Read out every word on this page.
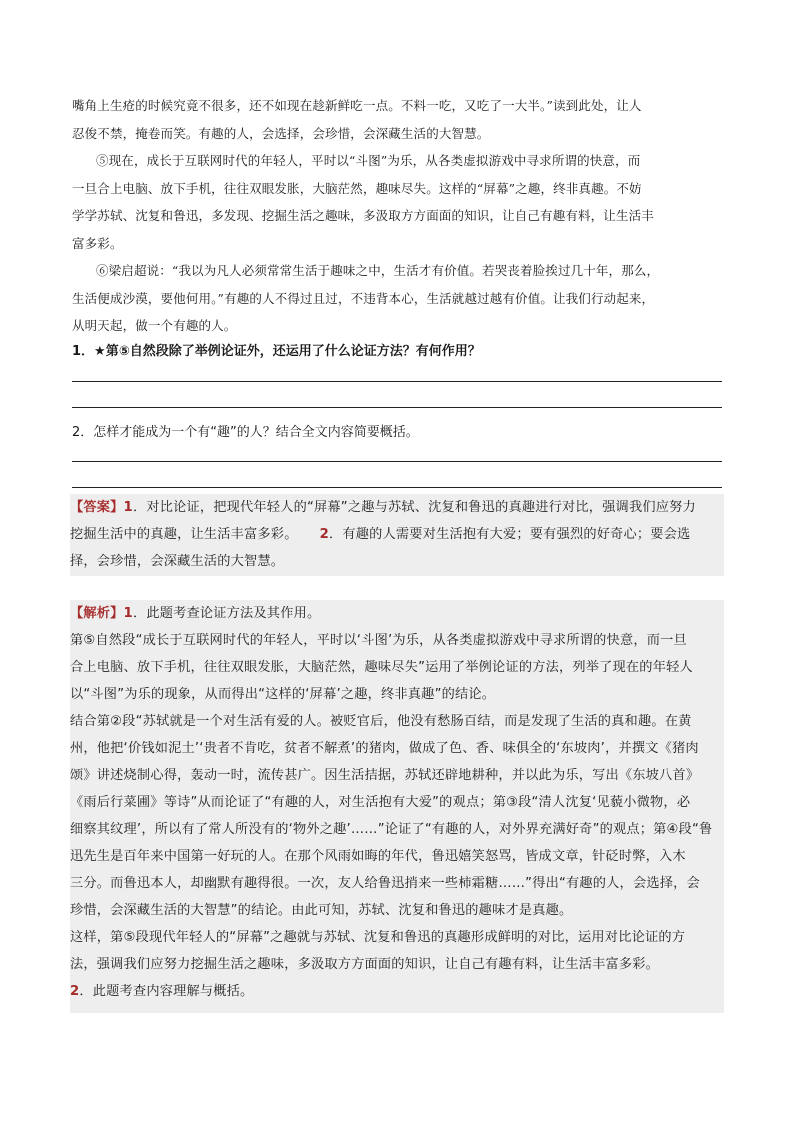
嘴角上生疮的时候究竟不很多，还不如现在趁新鲜吃一点。不料一吃，又吃了一大半。”读到此处，让人
忍俊不禁，掩卷而笑。有趣的人，会选择，会珍惜，会深藏生活的大智慧。
⑤现在，成长于互联网时代的年轻人，平时以“斗图”为乐，从各类虚拟游戏中寻求所谓的快意，而
一旦合上电脑、放下手机，往往双眼发胀，大脑茫然，趣味尽失。这样的“屏幕”之趣，终非真趣。不妨
学学苏轼、沈复和鲁迅，多发现、挖掘生活之趣味，多汲取方方面面的知识，让自己有趣有料，让生活丰
富多彩。
⑥梁启超说：“我以为凡人必须常常生活于趣味之中，生活才有价值。若哭丧着脸挨过几十年，那么，
生活便成沙漠，要他何用。”有趣的人不得过且过，不违背本心，生活就越过越有价值。让我们行动起来，
从明天起，做一个有趣的人。
1．★第⑤自然段除了举例论证外，还运用了什么论证方法？有何作用？
2．怎样才能成为一个有“趣”的人？结合全文内容简要概括。
【答案】1．对比论证，把现代年轻人的“屏幕”之趣与苏轼、沈复和鲁迅的真趣进行对比，强调我们应努力
挖掘生活中的真趣，让生活丰富多彩。 2．有趣的人需要对生活抱有大爱；要有强烈的好奇心；要会选
择，会珍惜，会深藏生活的大智慧。
【解析】1．此题考查论证方法及其作用。
第⑤自然段“成长于互联网时代的年轻人，平时以‘斗图’为乐，从各类虚拟游戏中寻求所谓的快意，而一旦
合上电脑、放下手机，往往双眼发胀，大脑茫然，趣味尽失”运用了举例论证的方法，列举了现在的年轻人
以“斗图”为乐的现象，从而得出“这样的‘屏幕’之趣，终非真趣”的结论。
结合第②段“苏轼就是一个对生活有爱的人。被贬官后，他没有愁肠百结，而是发现了生活的真和趣。在黄
州，他把‘价钱如泥土’‘贵者不肯吃，贫者不解煮’的猪肉，做成了色、香、味俱全的‘东坡肉’，并撰文《猪肉
颂》讲述烧制心得，轰动一时，流传甚广。因生活拮据，苏轼还辟地耕种，并以此为乐，写出《东坡八首》
《雨后行菜圃》等诗”从而论证了“有趣的人，对生活抱有大爱”的观点；第③段“清人沈复‘见藐小微物，必
细察其纹理’，所以有了常人所没有的‘物外之趣’……”论证了“有趣的人，对外界充满好奇”的观点；第④段“鲁
迅先生是百年来中国第一好玩的人。在那个风雨如晦的年代，鲁迅嬉笑怒骂，皆成文章，针砭时弊，入木
三分。而鲁迅本人，却幽默有趣得很。一次，友人给鲁迅捎来一些柿霜糖……”得出“有趣的人，会选择，会
珍惜，会深藏生活的大智慧”的结论。由此可知，苏轼、沈复和鲁迅的趣味才是真趣。
这样，第⑤段现代年轻人的“屏幕”之趣就与苏轼、沈复和鲁迅的真趣形成鲜明的对比，运用对比论证的方
法，强调我们应努力挖掘生活之趣味，多汲取方方面面的知识，让自己有趣有料，让生活丰富多彩。
2．此题考查内容理解与概括。
